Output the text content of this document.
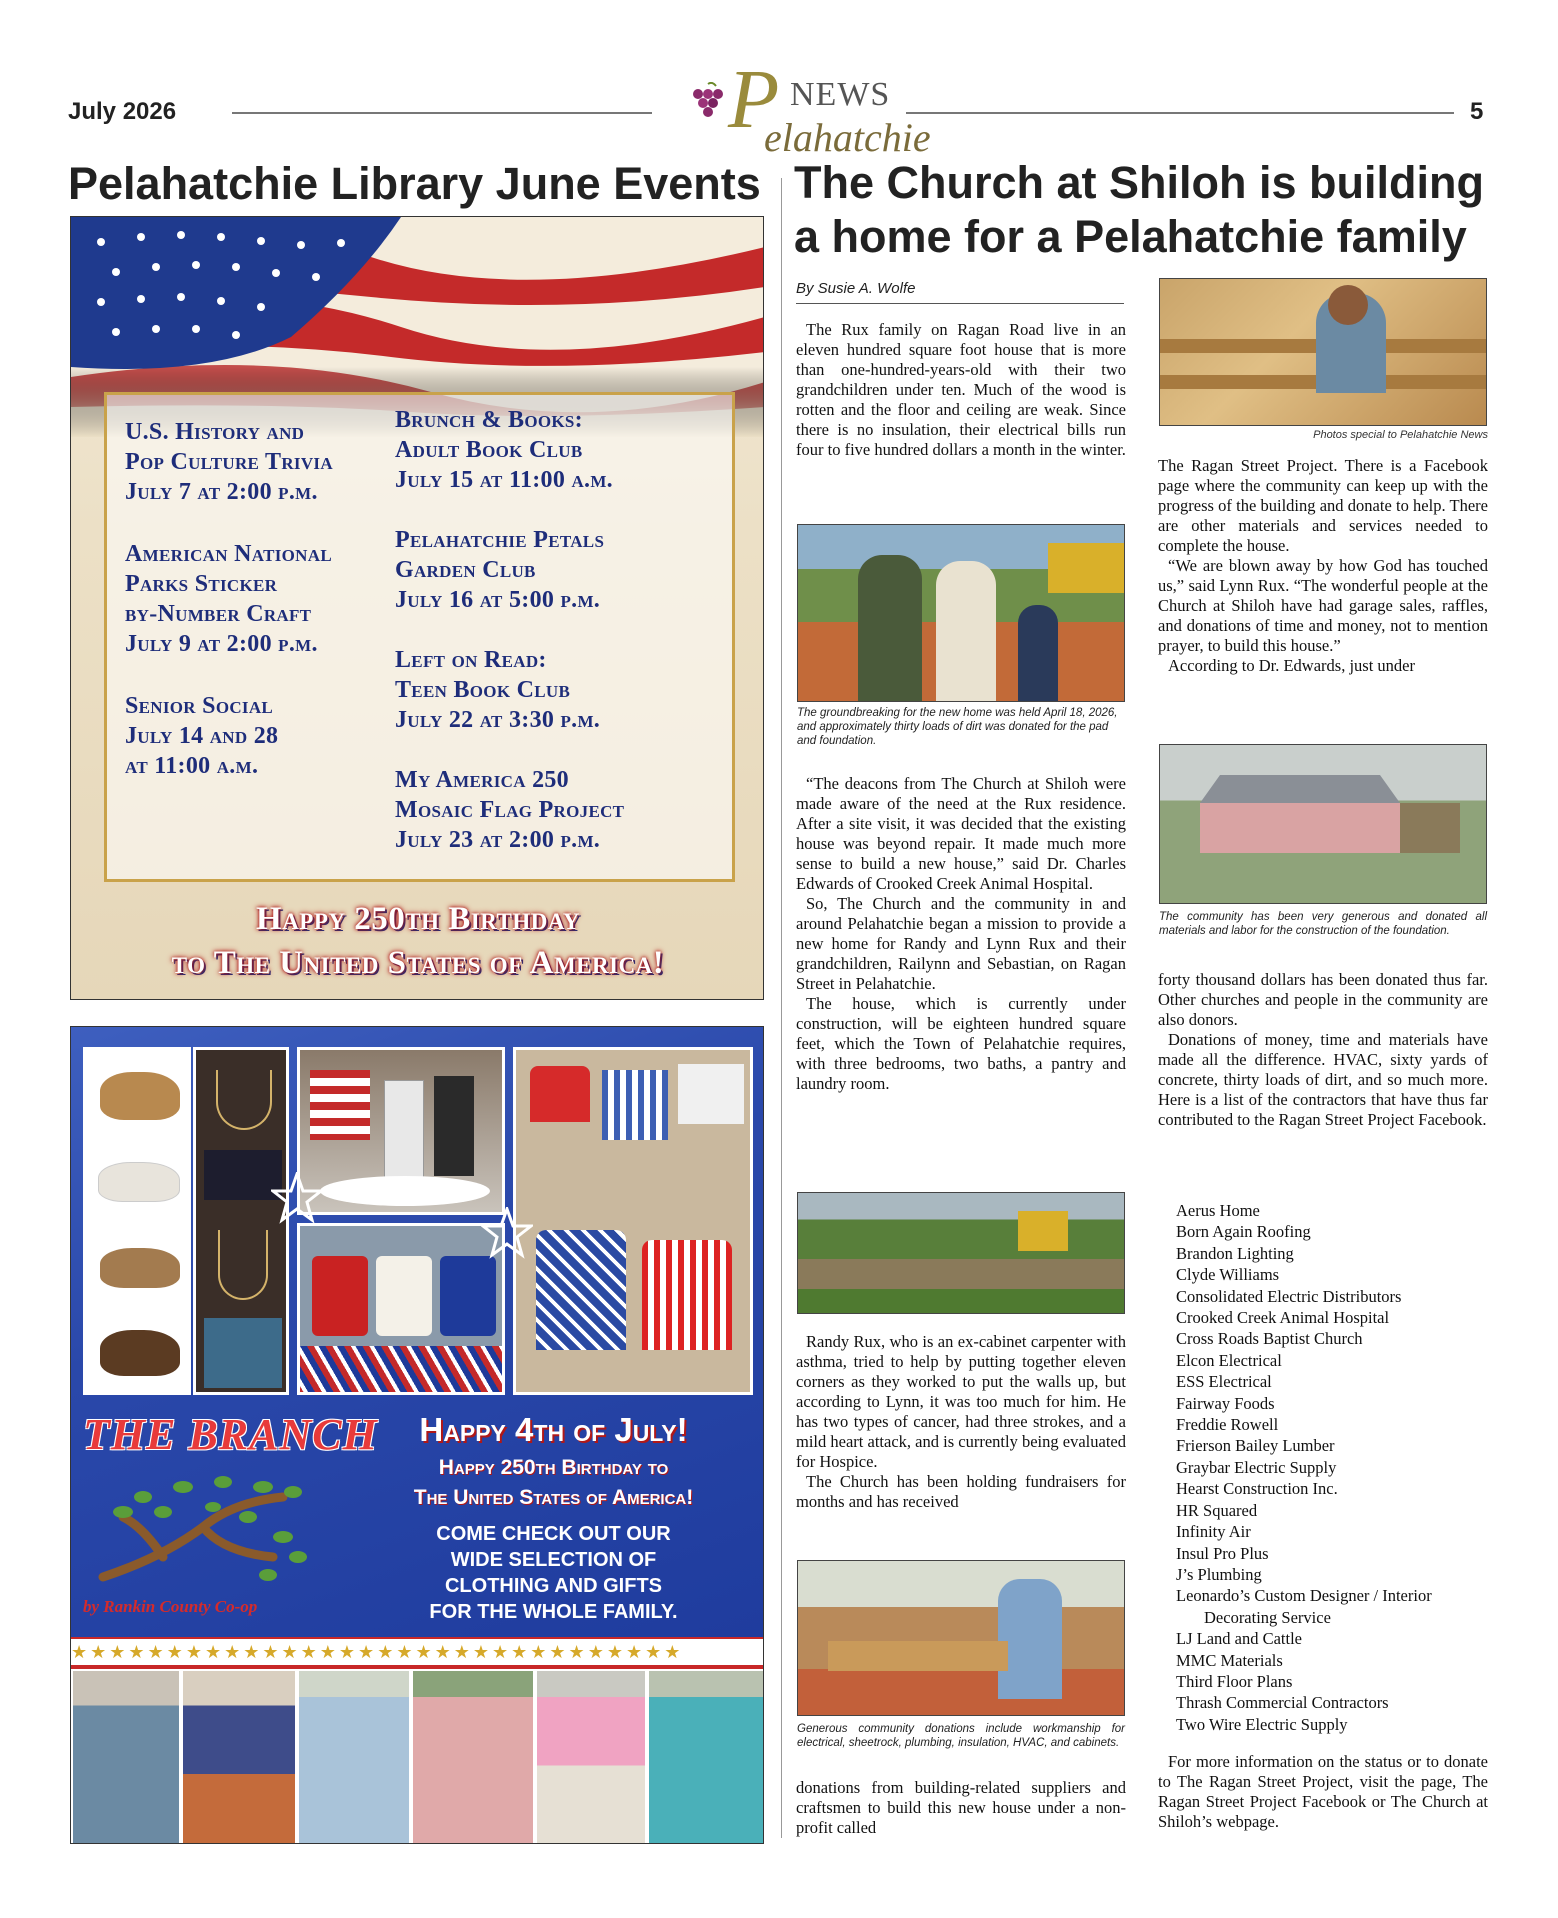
July 2026	P NEWS
elahatchie
5
Pelahatchie Library June Events
U.S. History and
Pop Culture Trivia
July 7 at 2:00 p.m.
American National
Parks Sticker
by-Number Craft
July 9 at 2:00 p.m.
Senior Social
July 14 and 28
at 11:00 a.m.
Brunch & Books:
Adult Book Club
July 15 at 11:00 a.m.
Pelahatchie Petals
Garden Club
July 16 at 5:00 p.m.
Left on Read:
Teen Book Club
July 22 at 3:30 p.m.
My America 250
Mosaic Flag Project
July 23 at 2:00 p.m.
Happy 250th Birthday
to The United States of America!
THE BRANCH
by Rankin County Co-op
Happy 4th of July!
Happy 250th Birthday to
The United States of America!
COME CHECK OUT OUR
WIDE SELECTION OF
CLOTHING AND GIFTS
FOR THE WHOLE FAMILY.
★★★★★★★★★★★★★★★★★★★★★★★★★★★★★★★★
The Church at Shiloh is building a home for a Pelahatchie family
By Susie A. Wolfe

The Rux family on Ragan Road live in an eleven hundred square foot house that is more than one-hundred-years-old with their two grandchildren under ten. Much of the wood is rotten and the floor and ceiling are weak. Since there is no insulation, their electrical bills run four to five hundred dollars a month in the winter.

The groundbreaking for the new home was held April 18, 2026, and approximately thirty loads of dirt was donated for the pad and foundation.

“The deacons from The Church at Shiloh were made aware of the need at the Rux residence. After a site visit, it was decided that the existing house was beyond repair. It made much more sense to build a new house,” said Dr. Charles Edwards of Crooked Creek Animal Hospital.

So, The Church and the community in and around Pelahatchie began a mission to provide a new home for Randy and Lynn Rux and their grandchildren, Railynn and Sebastian, on Ragan Street in Pelahatchie.

The house, which is currently under construction, will be eighteen hundred square feet, which the Town of Pelahatchie requires, with three bedrooms, two baths, a pantry and laundry room.

Randy Rux, who is an ex-cabinet carpenter with asthma, tried to help by putting together eleven corners as they worked to put the walls up, but according to Lynn, it was too much for him. He has two types of cancer, had three strokes, and a mild heart attack, and is currently being evaluated for Hospice.

The Church has been holding fundraisers for months and has received

Generous community donations include workmanship for electrical, sheetrock, plumbing, insulation, HVAC, and cabinets.

donations from building-related suppliers and craftsmen to build this new house under a non-profit called

Photos special to Pelahatchie News

The Ragan Street Project. There is a Facebook page where the community can keep up with the progress of the building and donate to help. There are other materials and services needed to complete the house.

“We are blown away by how God has touched us,” said Lynn Rux. “The wonderful people at the Church at Shiloh have had garage sales, raffles, and donations of time and money, not to mention prayer, to build this house.”

According to Dr. Edwards, just under

The community has been very generous and donated all materials and labor for the construction of the foundation.

forty thousand dollars has been donated thus far. Other churches and people in the community are also donors.

Donations of money, time and materials have made all the difference. HVAC, sixty yards of concrete, thirty loads of dirt, and so much more. Here is a list of the contractors that have thus far contributed to the Ragan Street Project Facebook.

Aerus Home
Born Again Roofing
Brandon Lighting
Clyde Williams
Consolidated Electric Distributors
Crooked Creek Animal Hospital
Cross Roads Baptist Church
Elcon Electrical
ESS Electrical
Fairway Foods
Freddie Rowell
Frierson Bailey Lumber
Graybar Electric Supply
Hearst Construction Inc.
HR Squared
Infinity Air
Insul Pro Plus
J’s Plumbing
Leonardo’s Custom Designer / Interior
Decorating Service
LJ Land and Cattle
MMC Materials
Third Floor Plans
Thrash Commercial Contractors
Two Wire Electric Supply

For more information on the status or to donate to The Ragan Street Project, visit the page, The Ragan Street Project Facebook or The Church at Shiloh’s webpage.
